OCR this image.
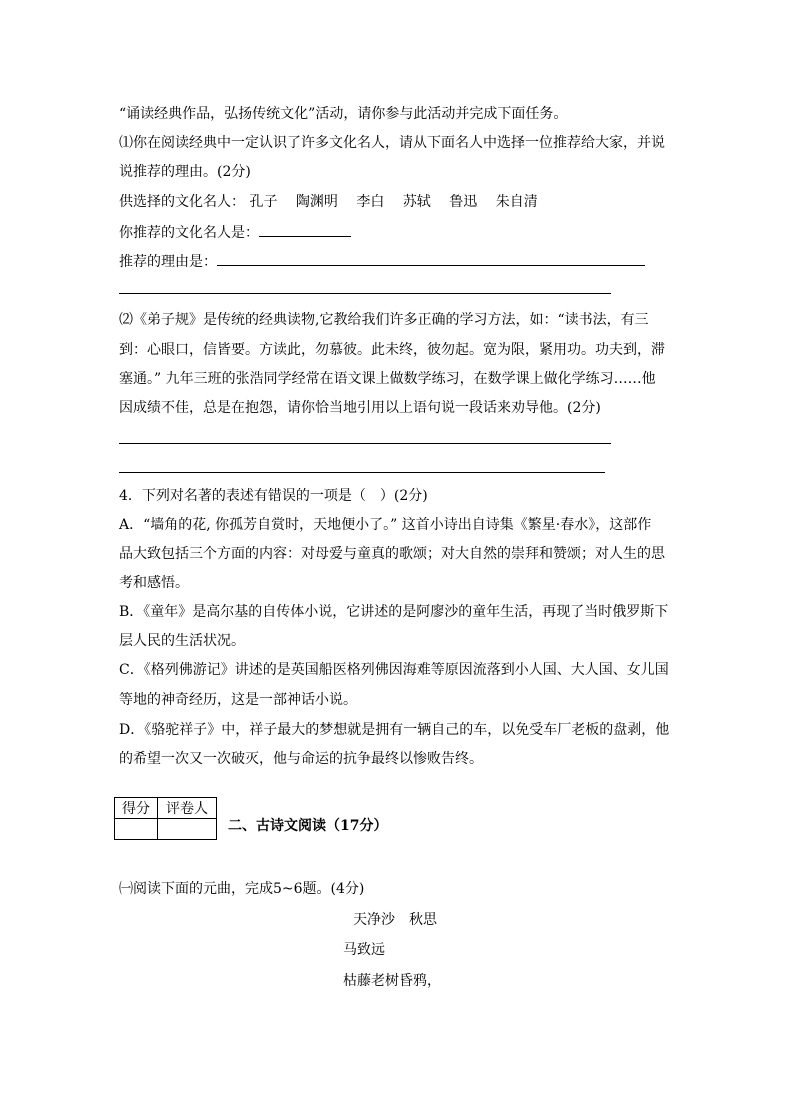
“诵读经典作品，弘扬传统文化”活动，请你参与此活动并完成下面任务。
⑴你在阅读经典中一定认识了许多文化名人，请从下面名人中选择一位推荐给大家，并说
说推荐的理由。(2分)
供选择的文化名人： 孔子 陶渊明 李白 苏轼 鲁迅 朱自清
你推荐的文化名人是：
推荐的理由是：
⑵《弟子规》是传统的经典读物,它教给我们许多正确的学习方法，如：“读书法，有三
到：心眼口，信皆要。方读此，勿慕彼。此未终，彼勿起。宽为限，紧用功。功夫到，滞
塞通。” 九年三班的张浩同学经常在语文课上做数学练习，在数学课上做化学练习……他
因成绩不佳，总是在抱怨，请你恰当地引用以上语句说一段话来劝导他。(2分)
4．下列对名著的表述有错误的一项是（　）(2分)
A．“墙角的花, 你孤芳自赏时，天地便小了。” 这首小诗出自诗集《繁星·春水》，这部作
品大致包括三个方面的内容：对母爱与童真的歌颂；对大自然的崇拜和赞颂；对人生的思
考和感悟。
B．《童年》是高尔基的自传体小说，它讲述的是阿廖沙的童年生活，再现了当时俄罗斯下
层人民的生活状况。
C．《格列佛游记》讲述的是英国船医格列佛因海难等原因流落到小人国、大人国、女儿国
等地的神奇经历，这是一部神话小说。
D．《骆驼祥子》中，祥子最大的梦想就是拥有一辆自己的车，以免受车厂老板的盘剥，他
的希望一次又一次破灭，他与命运的抗争最终以惨败告终。
得分	评卷人

二、古诗文阅读（17分）
㈠阅读下面的元曲，完成5~6题。(4分)
天净沙　秋思
马致远
枯藤老树昏鸦，
